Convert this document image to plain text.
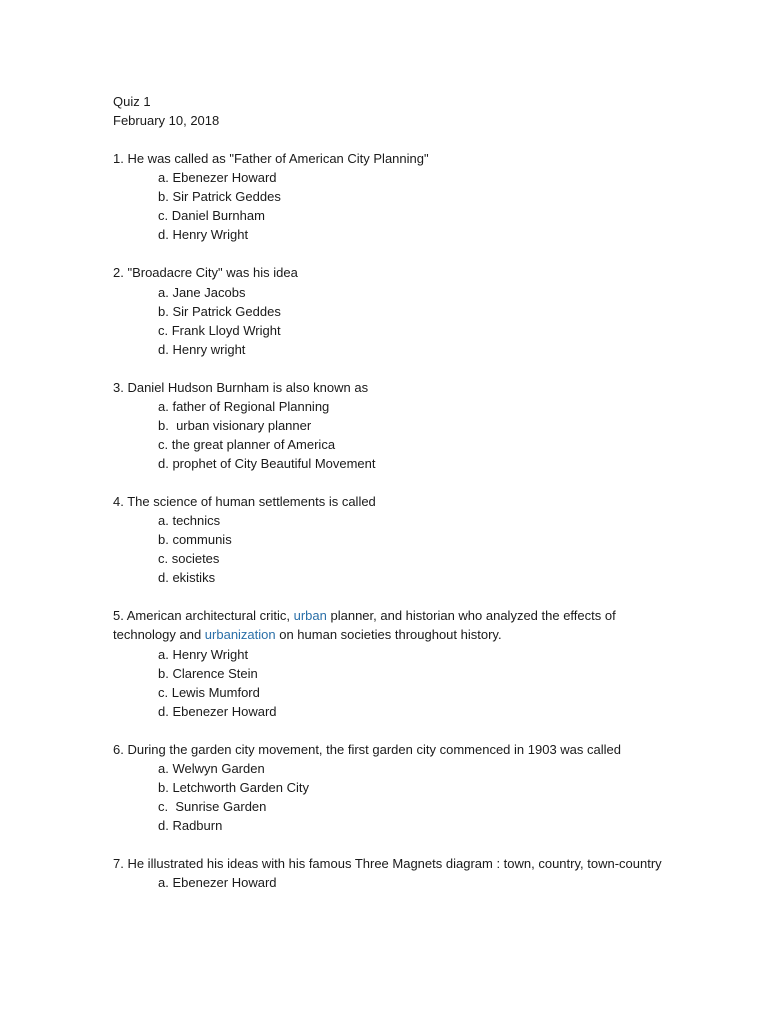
Quiz 1
February 10, 2018
1. He was called as "Father of American City Planning"
a. Ebenezer Howard
b. Sir Patrick Geddes
c. Daniel Burnham
d. Henry Wright
2. "Broadacre City" was his idea
a. Jane Jacobs
b. Sir Patrick Geddes
c. Frank Lloyd Wright
d. Henry wright
3. Daniel Hudson Burnham is also known as
a. father of Regional Planning
b.  urban visionary planner
c. the great planner of America
d. prophet of City Beautiful Movement
4. The science of human settlements is called
a. technics
b. communis
c. societes
d. ekistiks
5. American architectural critic, urban planner, and historian who analyzed the effects of technology and urbanization on human societies throughout history.
a. Henry Wright
b. Clarence Stein
c. Lewis Mumford
d. Ebenezer Howard
6. During the garden city movement, the first garden city commenced in 1903 was called
a. Welwyn Garden
b. Letchworth Garden City
c.  Sunrise Garden
d. Radburn
7. He illustrated his ideas with his famous Three Magnets diagram : town, country, town-country
a. Ebenezer Howard
